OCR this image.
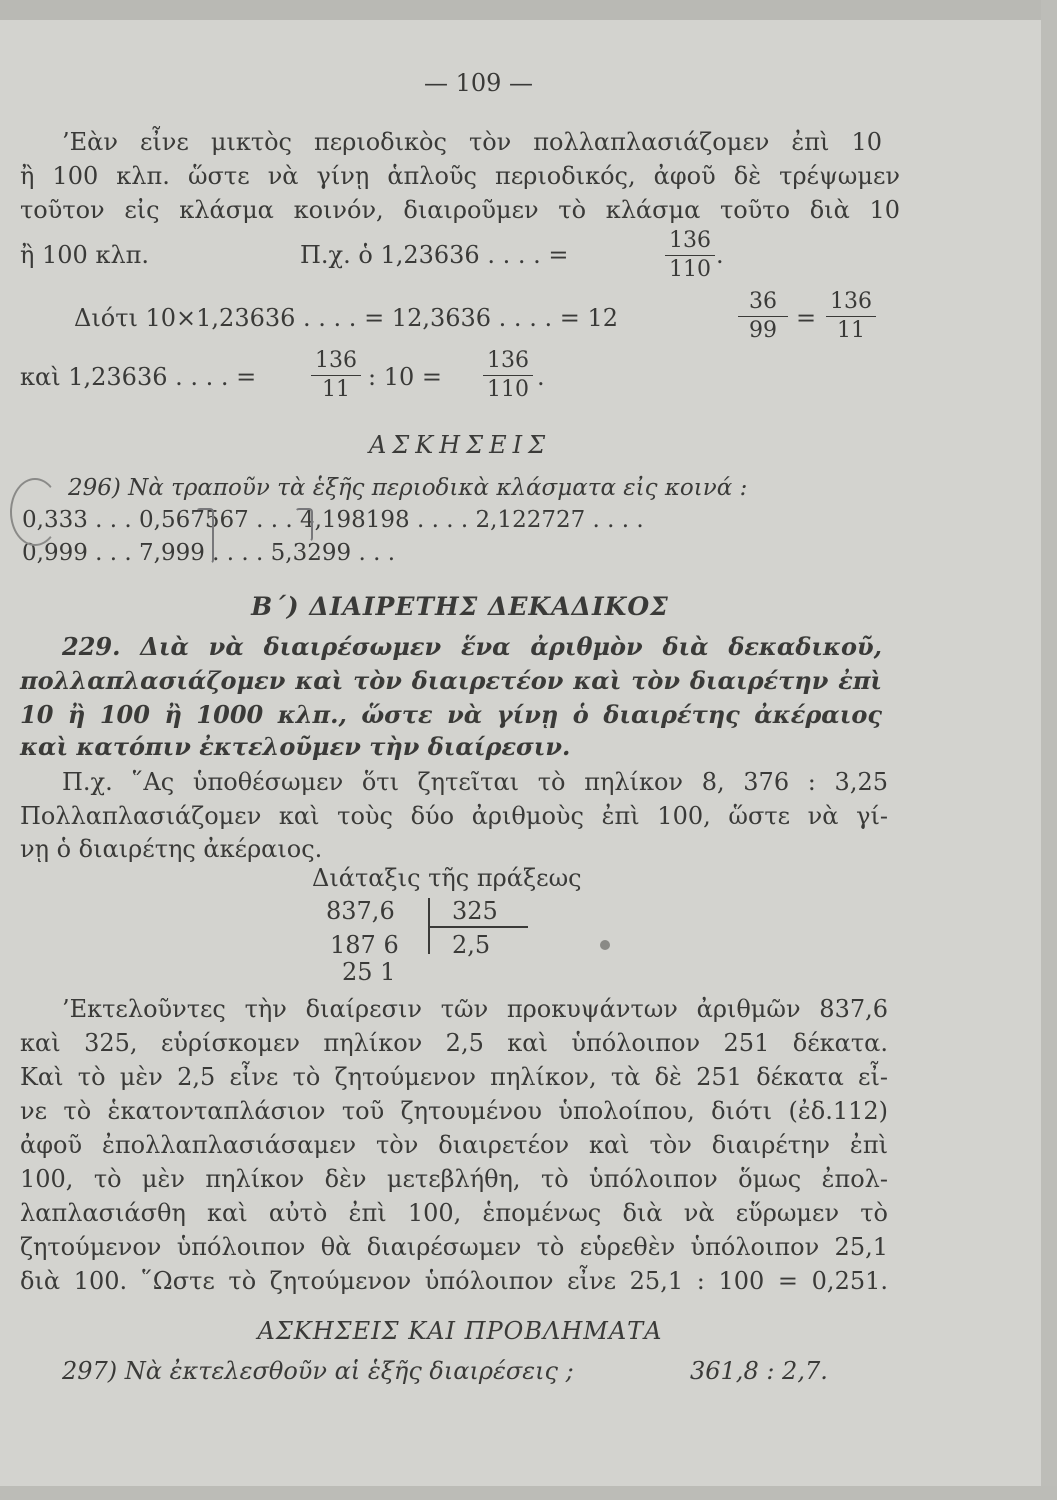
— 109 —
’Εὰν εἶνε μικτὸς περιοδικὸς τὸν πολλαπλασιάζομεν ἐπὶ 10
ἢ 100 κλπ. ὥστε νὰ γίνῃ ἁπλοῦς περιοδικός, ἀφοῦ δὲ τρέψωμεν
τοῦτον εἰς κλάσμα κοινόν, διαιροῦμεν τὸ κλάσμα τοῦτο διὰ 10
ἢ 100 κλπ.	Π.χ. ὁ 1,23636 . . . . =
136
110
.
Διότι 10×1,23636 . . . . = 12,3636 . . . . = 12
36
99 =
136
11
καὶ 1,23636 . . . . =
136
11 : 10 =
136
110 .
ΑΣΚΗΣΕΙΣ
296) Νὰ τραποῦν τὰ ἑξῆς περιοδικὰ κλάσματα εἰς κοινά :
0,333 . . . 0,567567 . . . 4,198198 . . . . 2,122727 . . . .
0,999 . . . 7,999 . . . . 5,3299 . . .
Β΄) ΔΙΑΙΡΕΤΗΣ ΔΕΚΑΔΙΚΟΣ
229. Διὰ νὰ διαιρέσωμεν ἕνα ἀριθμὸν διὰ δεκαδικοῦ,
πολλαπλασιάζομεν καὶ τὸν διαιρετέον καὶ τὸν διαιρέτην ἐπὶ
10 ἢ 100 ἢ 1000 κλπ., ὥστε νὰ γίνῃ ὁ διαιρέτης ἀκέραιος
καὶ κατόπιν ἐκτελοῦμεν τὴν διαίρεσιν.
Π.χ. ῞Ας ὑποθέσωμεν ὅτι ζητεῖται τὸ πηλίκον 8, 376 : 3,25
Πολλαπλασιάζομεν καὶ τοὺς δύο ἀριθμοὺς ἐπὶ 100, ὥστε νὰ γί-
νῃ ὁ διαιρέτης ἀκέραιος.
Διάταξις τῆς πράξεως
837,6 325
187 6 2,5
25 1
’Εκτελοῦντες τὴν διαίρεσιν τῶν προκυψάντων ἀριθμῶν 837,6
καὶ 325, εὑρίσκομεν πηλίκον 2,5 καὶ ὑπόλοιπον 251 δέκατα.
Καὶ τὸ μὲν 2,5 εἶνε τὸ ζητούμενον πηλίκον, τὰ δὲ 251 δέκατα εἶ-
νε τὸ ἑκατονταπλάσιον τοῦ ζητουμένου ὑπολοίπου, διότι (ἐδ.112)
ἀφοῦ ἐπολλαπλασιάσαμεν τὸν διαιρετέον καὶ τὸν διαιρέτην ἐπὶ
100, τὸ μὲν πηλίκον δὲν μετεβλήθη, τὸ ὑπόλοιπον ὅμως ἐπολ-
λαπλασιάσθη καὶ αὐτὸ ἐπὶ 100, ἑπομένως διὰ νὰ εὕρωμεν τὸ
ζητούμενον ὑπόλοιπον θὰ διαιρέσωμεν τὸ εὑρεθὲν ὑπόλοιπον 25,1
διὰ 100. ῞Ωστε τὸ ζητούμενον ὑπόλοιπον εἶνε 25,1 : 100 = 0,251.
ΑΣΚΗΣΕΙΣ ΚΑΙ ΠΡΟΒΛΗΜΑΤΑ
297) Νὰ ἐκτελεσθοῦν αἱ ἑξῆς διαιρέσεις ;	361,8 : 2,7.
